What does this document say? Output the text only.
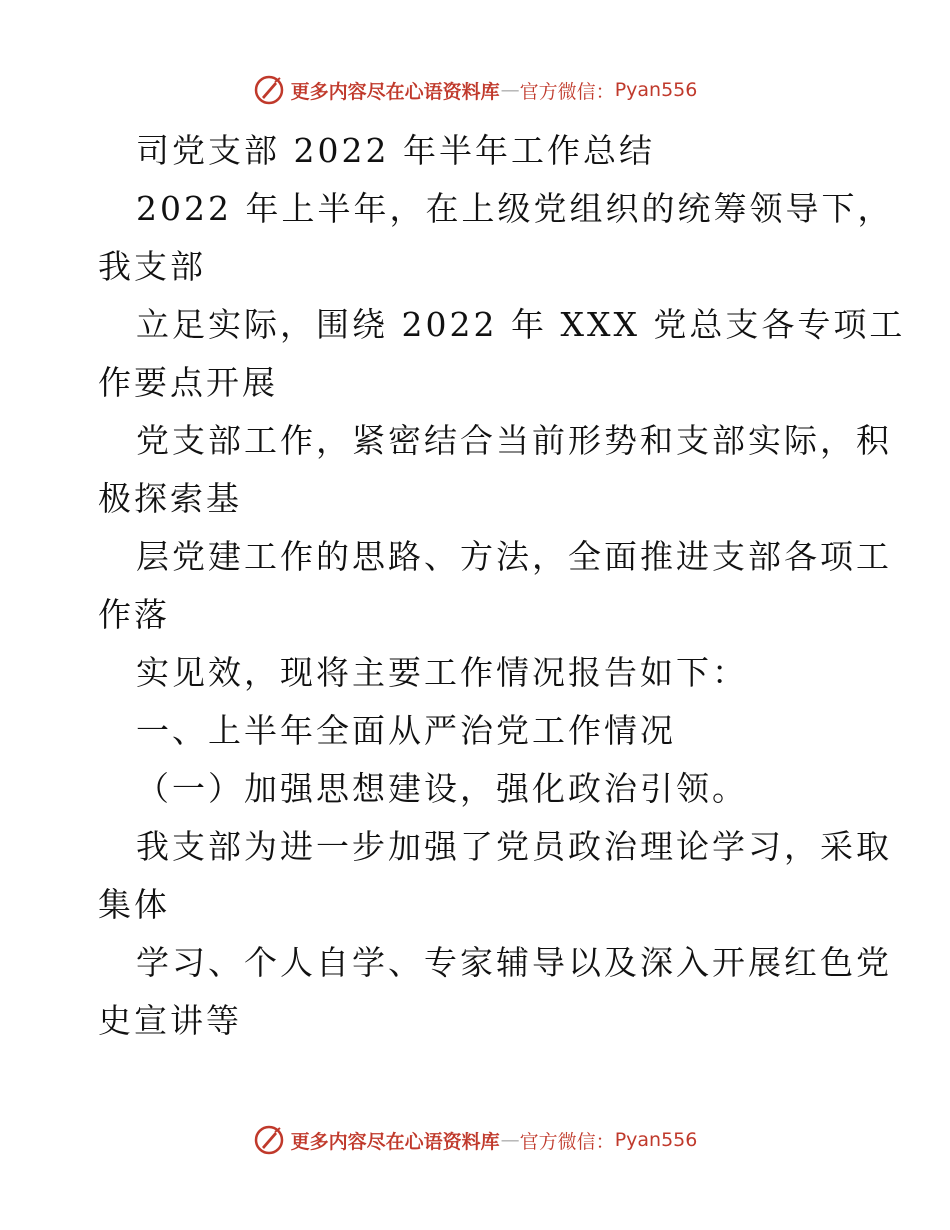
更多内容尽在心语资料库 — 官方微信： Pyan556
司党支部 2022 年半年工作总结
2022 年上半年，在上级党组织的统筹领导下，
我支部
立足实际，围绕 2022 年 XXX 党总支各专项工
作要点开展
党支部工作，紧密结合当前形势和支部实际，积
极探索基
层党建工作的思路、方法，全面推进支部各项工
作落
实见效，现将主要工作情况报告如下：
一、上半年全面从严治党工作情况
（一）加强思想建设，强化政治引领。
我支部为进一步加强了党员政治理论学习，采取
集体
学习、个人自学、专家辅导以及深入开展红色党
史宣讲等
更多内容尽在心语资料库 — 官方微信： Pyan556
